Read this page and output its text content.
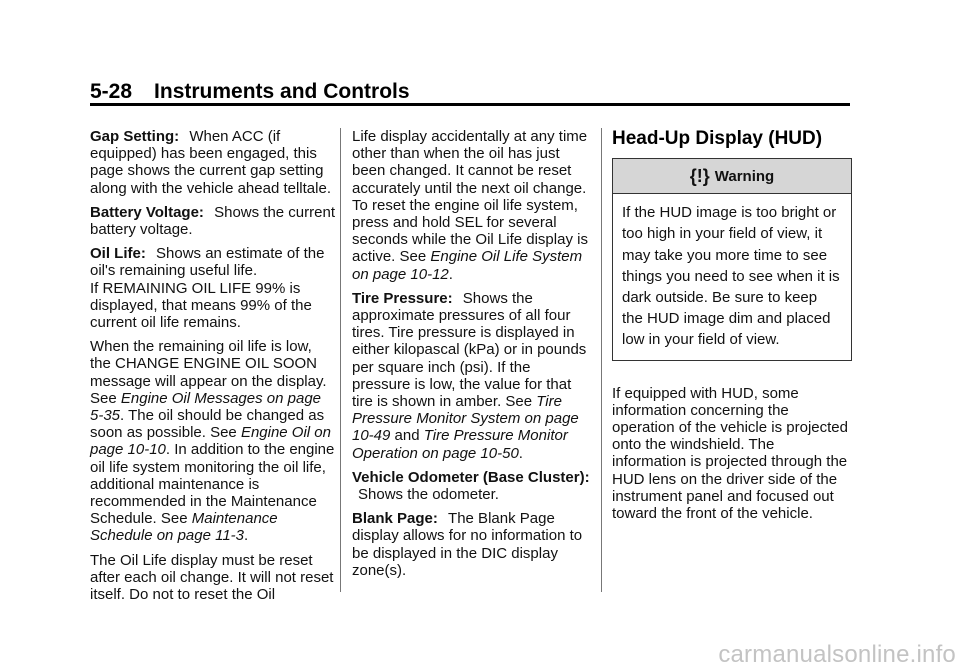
5-28 Instruments and Controls

Gap Setting: When ACC (if equipped) has been engaged, this page shows the current gap setting along with the vehicle ahead telltale.

Battery Voltage: Shows the current battery voltage.

Oil Life: Shows an estimate of the oil's remaining useful life.
If REMAINING OIL LIFE 99% is displayed, that means 99% of the current oil life remains.

When the remaining oil life is low, the CHANGE ENGINE OIL SOON message will appear on the display. See Engine Oil Messages on page 5-35. The oil should be changed as soon as possible. See Engine Oil on page 10-10. In addition to the engine oil life system monitoring the oil life, additional maintenance is recommended in the Maintenance Schedule. See Maintenance Schedule on page 11-3.

The Oil Life display must be reset after each oil change. It will not reset itself. Do not to reset the Oil

Life display accidentally at any time other than when the oil has just been changed. It cannot be reset accurately until the next oil change. To reset the engine oil life system, press and hold SEL for several seconds while the Oil Life display is active. See Engine Oil Life System on page 10-12.

Tire Pressure: Shows the approximate pressures of all four tires. Tire pressure is displayed in either kilopascal (kPa) or in pounds per square inch (psi). If the pressure is low, the value for that tire is shown in amber. See Tire Pressure Monitor System on page 10-49 and Tire Pressure Monitor Operation on page 10-50.

Vehicle Odometer (Base Cluster): Shows the odometer.

Blank Page: The Blank Page display allows for no information to be displayed in the DIC display zone(s).

Head-Up Display (HUD)
{!} Warning
If the HUD image is too bright or too high in your field of view, it may take you more time to see things you need to see when it is dark outside. Be sure to keep the HUD image dim and placed low in your field of view.

If equipped with HUD, some information concerning the operation of the vehicle is projected onto the windshield. The information is projected through the HUD lens on the driver side of the instrument panel and focused out toward the front of the vehicle.

carmanualsonline.info
